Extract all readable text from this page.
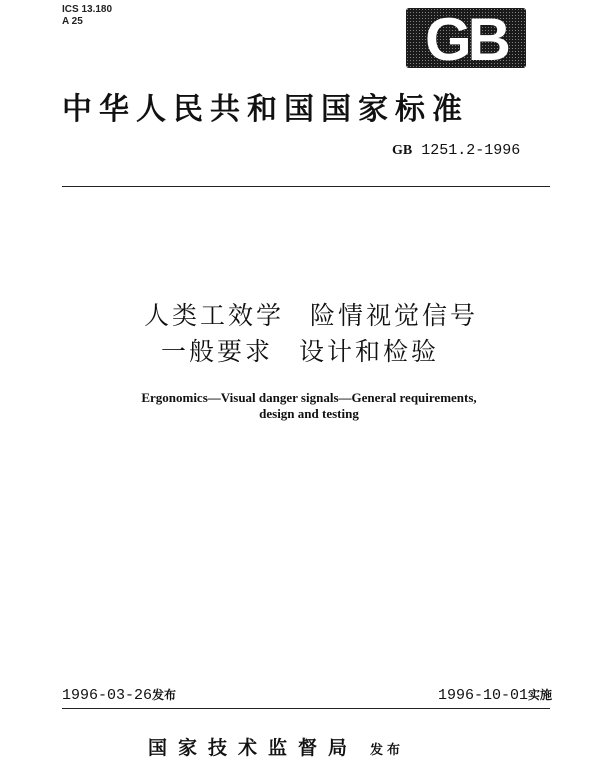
ICS 13.180
A 25	GB
中华人民共和国国家标准
GB 1251.2-1996
人类工效学 险情视觉信号
一般要求 设计和检验
Ergonomics—Visual danger signals—General requirements,
design and testing
1996-03-26发布	1996-10-01实施
国家技术监督局 发布
